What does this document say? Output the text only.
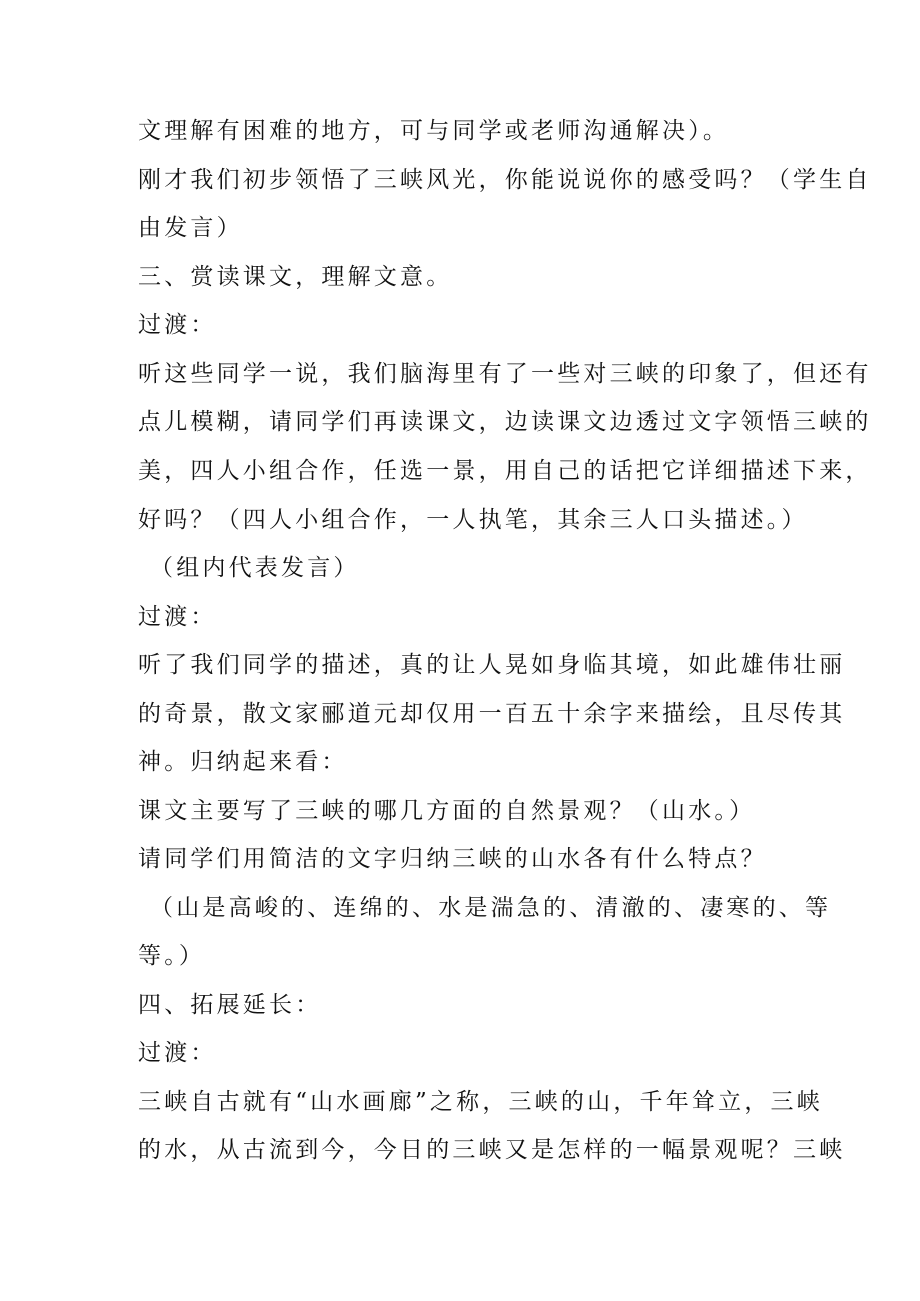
文理解有困难的地方，可与同学或老师沟通解决）。
刚才我们初步领悟了三峡风光，你能说说你的感受吗？（学生自
由发言）
三、赏读课文，理解文意。
过渡：
听这些同学一说，我们脑海里有了一些对三峡的印象了，但还有
点儿模糊，请同学们再读课文，边读课文边透过文字领悟三峡的
美，四人小组合作，任选一景，用自己的话把它详细描述下来，
好吗？（四人小组合作，一人执笔，其余三人口头描述。）
（组内代表发言）
过渡：
听了我们同学的描述，真的让人晃如身临其境，如此雄伟壮丽
的奇景，散文家郦道元却仅用一百五十余字来描绘，且尽传其
神。归纳起来看：
课文主要写了三峡的哪几方面的自然景观？（山水。）
请同学们用简洁的文字归纳三峡的山水各有什么特点？
（山是高峻的、连绵的、水是湍急的、清澈的、凄寒的、等
等。）
四、拓展延长：
过渡：
三峡自古就有“山水画廊”之称，三峡的山，千年耸立，三峡
的水，从古流到今，今日的三峡又是怎样的一幅景观呢？三峡
